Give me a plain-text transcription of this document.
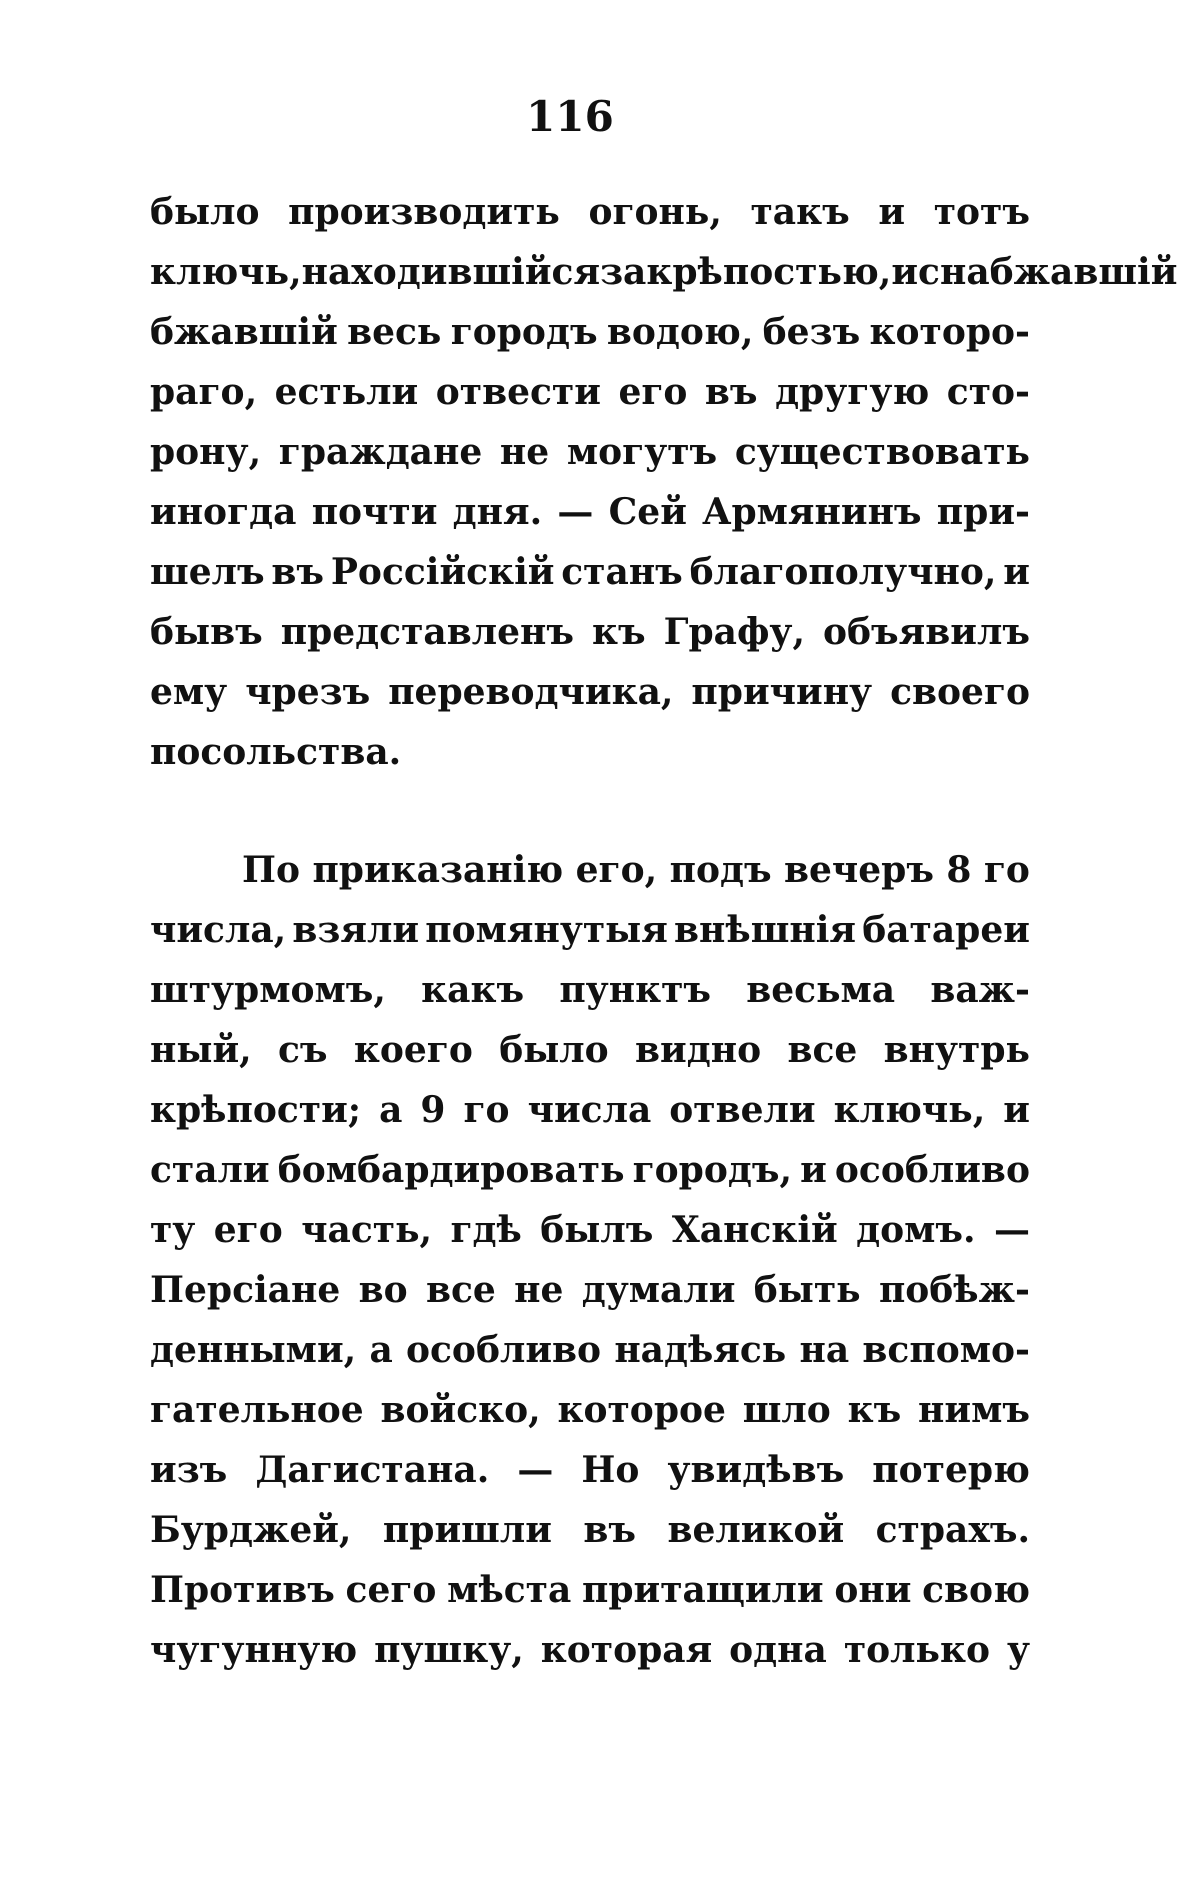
116
было производить огонь, такъ и тотъ
ключь, находившійся за крѣпостью, и снабжавшій
бжавшій весь городъ водою, безъ которо-
раго, естьли отвести его въ другую сто-
рону, граждане не могутъ существовать
иногда почти дня. — Сей Армянинъ при-
шелъ въ Россійскій станъ благополучно, и
бывъ представленъ къ Графу, объявилъ
ему чрезъ переводчика, причину своего
посольства.
По приказанію его, подъ вечеръ 8 го
числа, взяли помянутыя внѣшнія батареи
штурмомъ, какъ пунктъ весьма важ-
ный, съ коего было видно все внутрь
крѣпости; а 9 го числа отвели ключь, и
стали бомбардировать городъ, и особливо
ту его часть, гдѣ былъ Ханскій домъ. —
Персіане во все не думали быть побѣж-
денными, а особливо надѣясь на вспомо-
гательное войско, которое шло къ нимъ
изъ Дагистана. — Но увидѣвъ потерю
Бурджей, пришли въ великой страхъ.
Противъ сего мѣста притащили они свою
чугунную пушку, которая одна только у
